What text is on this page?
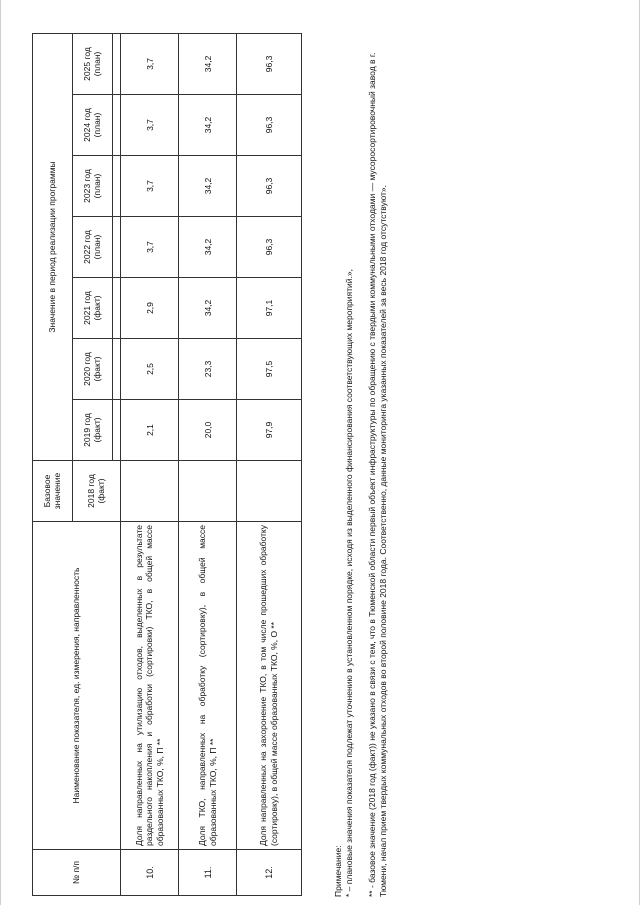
№ п/п	Наименование показателя, ед. измерения, направленность	Базовое значение	Значение в период реализации программы						
		2018 год (факт)	2019 год (факт)	2020 год (факт)	2021 год (факт)	2022 год (план)	2023 год (план)	2024 год (план)	2025 год (план)

10.	Доля направленных на утилизацию отходов, выделенных в результате раздельного накопления и обработки (сортировки) ТКО, в общей массе образованных ТКО, %, П **		2,1	2,5	2,9	3,7	3,7	3,7	3,7
11.	Доля ТКО, направленных на обработку (сортировку), в общей массе образованных ТКО, %, П **		20,0	23,3	34,2	34,2	34,2	34,2	34,2
12.	Доля направленных на захоронение ТКО, в том числе прошедших обработку (сортировку), в общей массе образованных ТКО, %, О **		97,9	97,5	97,1	96,3	96,3	96,3	96,3

Примечание: * – плановые значения показателя подлежат уточнению в установленном порядке, исходя из выделенного финансирования соответствующих мероприятий.», ** - базовое значение (2018 год (факт)) не указано в связи с тем, что в Тюменской области первый объект инфраструктуры по обращению с твердыми коммунальными отходами — мусоросортировочный завод в г. Тюмени, начал прием твердых коммунальных отходов во второй половине 2018 года. Соответственно, данные мониторинга указанных показателей за весь 2018 год отсутствуют».
